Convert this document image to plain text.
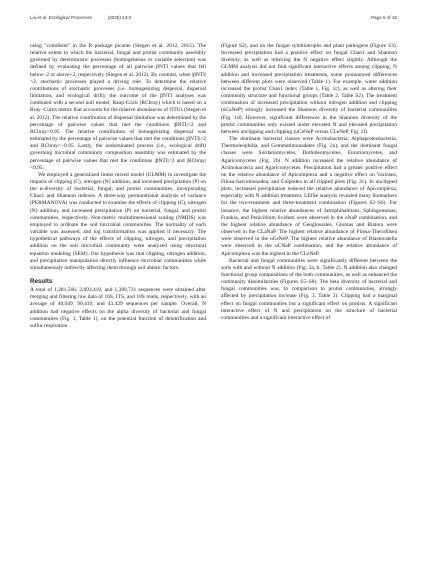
Liu et al. Ecological Processes	(2025) 14:3	Page 5 of 16

using "comdistnt" in the R package picante (Stegen et al. 2012, 2015). The relative extent to which the bacterial, fungal and protist community assembly governed by deterministic processes (homogeneous or variable selection) was defined by evaluating the percentage of all pairwise βNTI values that fell below−2 or above+2, respectively (Stegen et al. 2012). By contrast, when |βNTI|<2, stochastic processes played a driving role. To determine the relative contributions of stochastic processes (i.e. homogenizing dispersal, dispersal limitation, and ecological drift), the outcome of the βNTI analyses was combined with a second null model, Raup-Crick (RCbray) which is based on a Bray−Curtis metric that accounts for the relative abundances of OTUs (Stegen et al. 2012). The relative contribution of dispersal limitation was determined by the percentage of pairwise values that met the conditions |βNTI|<2 and RCbray>0.95. The relative contribution of homogenizing dispersal was estimated by the percentage of pairwise values that met the conditions |βNTI|<2 and RCbray<−0.95. Lastly, the undominated process (i.e., ecological drift) governing microbial community composition assembly was estimated by the percentage of pairwise values that met the conditions |βNTI|<2 and |RCbray|<0.95.

We employed a generalized linear mixed model (GLMM) to investigate the impacts of clipping (C), nitrogen (N) addition, and increased precipitation (P) on the α-diversity of bacterial, fungal, and protist communities, incorporating Chao1 and Shannon indexes. A three-way permutational analysis of variance (PERMANOVA) was conducted to examine the effects of clipping (C), nitrogen (N) addition, and increased precipitation (P) on bacterial, fungal, and protist communities, respectively. Non-metric multidimensional scaling (NMDS) was employed to ordinate the soil microbial communities. The normality of each variable was assessed, and log transformation was applied if necessary. The hypothetical pathways of the effects of clipping, nitrogen, and precipitation addition on the soil microbial community were analyzed using structural equation modeling (SEM). Our hypothesis was that clipping, nitrogen addition, and precipitation manipulation directly influence microbial communities while simultaneously indirectly affecting them through soil abiotic factors.

Results

A total of 1,281,566, 2,893,410, and 1,389,731 sequences were obtained after merging and filtering raw data of 16S, ITS, and 18S reads, respectively, with an average of 40,049, 90,419, and 43,429 sequences per sample. Overall, N addition had negative effects on the alpha diversity of bacterial and fungal communities (Fig. 1, Table 1), on the potential function of denitrification and sulfur respiration

(Figure S2), and on the fungal symbiotrophs and plant pathogens (Figure S3). Increased precipitation had a positive effect on fungal Chao1 and Shannon diversity, as well as relieving the N negative effect slightly. Although the GLMM analysis did not find significant interactive effects among clipping, N addition and increased precipitation treatments, some pronounced differences between different plots were observed (Table 1). For example, water addition increased the protist Chao1 index (Table 1, Fig. 1c), as well as altering their community structure and functional groups (Table 2, Table S2). The treatment combination of increased precipitation without nitrogen addition and clipping (uCaNeP) strongly increased the Shannon diversity of bacterial communities (Fig. 1d). However, significant differences in the Shannon diversity of the protist communities only existed under elevated N and elevated precipitation between unclipping and clipping (uCeNeP versus CLeNeP, Fig. 1f).

The dominant bacterial classes were Actinobacteria, Alphaproteobacteria, Thermoleophilia, and Gemmatimonadetes (Fig. 2a), and the dominant fungal classes were Sordariomycetes, Dothideomycetes, Eurotiomycetes, and Agaricomycetes (Fig. 2b). N addition increased the relative abundance of Actinobacteria and Agaricomycetes. Precipitation had a greater positive effect on the relative abundance of Apicomplexa and a negative effect on Variosea, Filosa-Sarcomonadea, and Colpodea in all clipped plots (Fig. 2c). In unclipped plots, increased precipitation reduced the relative abundance of Apicomplexa, especially with N addition treatment. LEfSe analysis revealed many biomarkers for the two-treatment and three-treatment combination (Figures S2–S6). For instance, the highest relative abundances of Jatrophihabitans, Sphingomonas, Frankia, and Penicillium lividum were observed in the eNaP combination, and the highest relative abundance of Geoglossales, Glomus and Biatora were observed in the CLaNaP. The highest relative abundance of Filosa-Thecofilsea were observed in the uCeNeP. The highest relative abundance of Blastocatella were observed in the uCNaP combination, and the relative abundance of Apicomplexa was the highest in the CLeNeP.

Bacterial and fungal communities were significantly different between the soils with and without N addition (Fig. 3a, b, Table 2). N addition also changed functional group compositions of the both communities, as well as enhanced the community dissimilarities (Figures S5–S8). The beta diversity of bacterial and fungal communities was, in comparison to protist communities, strongly affected by precipitation increase (Fig. 3, Table 2). Clipping had a marginal effect on fungal communities but a significant effect on protists. A significant interactive effect of N and precipitation on the structure of bacterial communities and a significant interactive effect of
